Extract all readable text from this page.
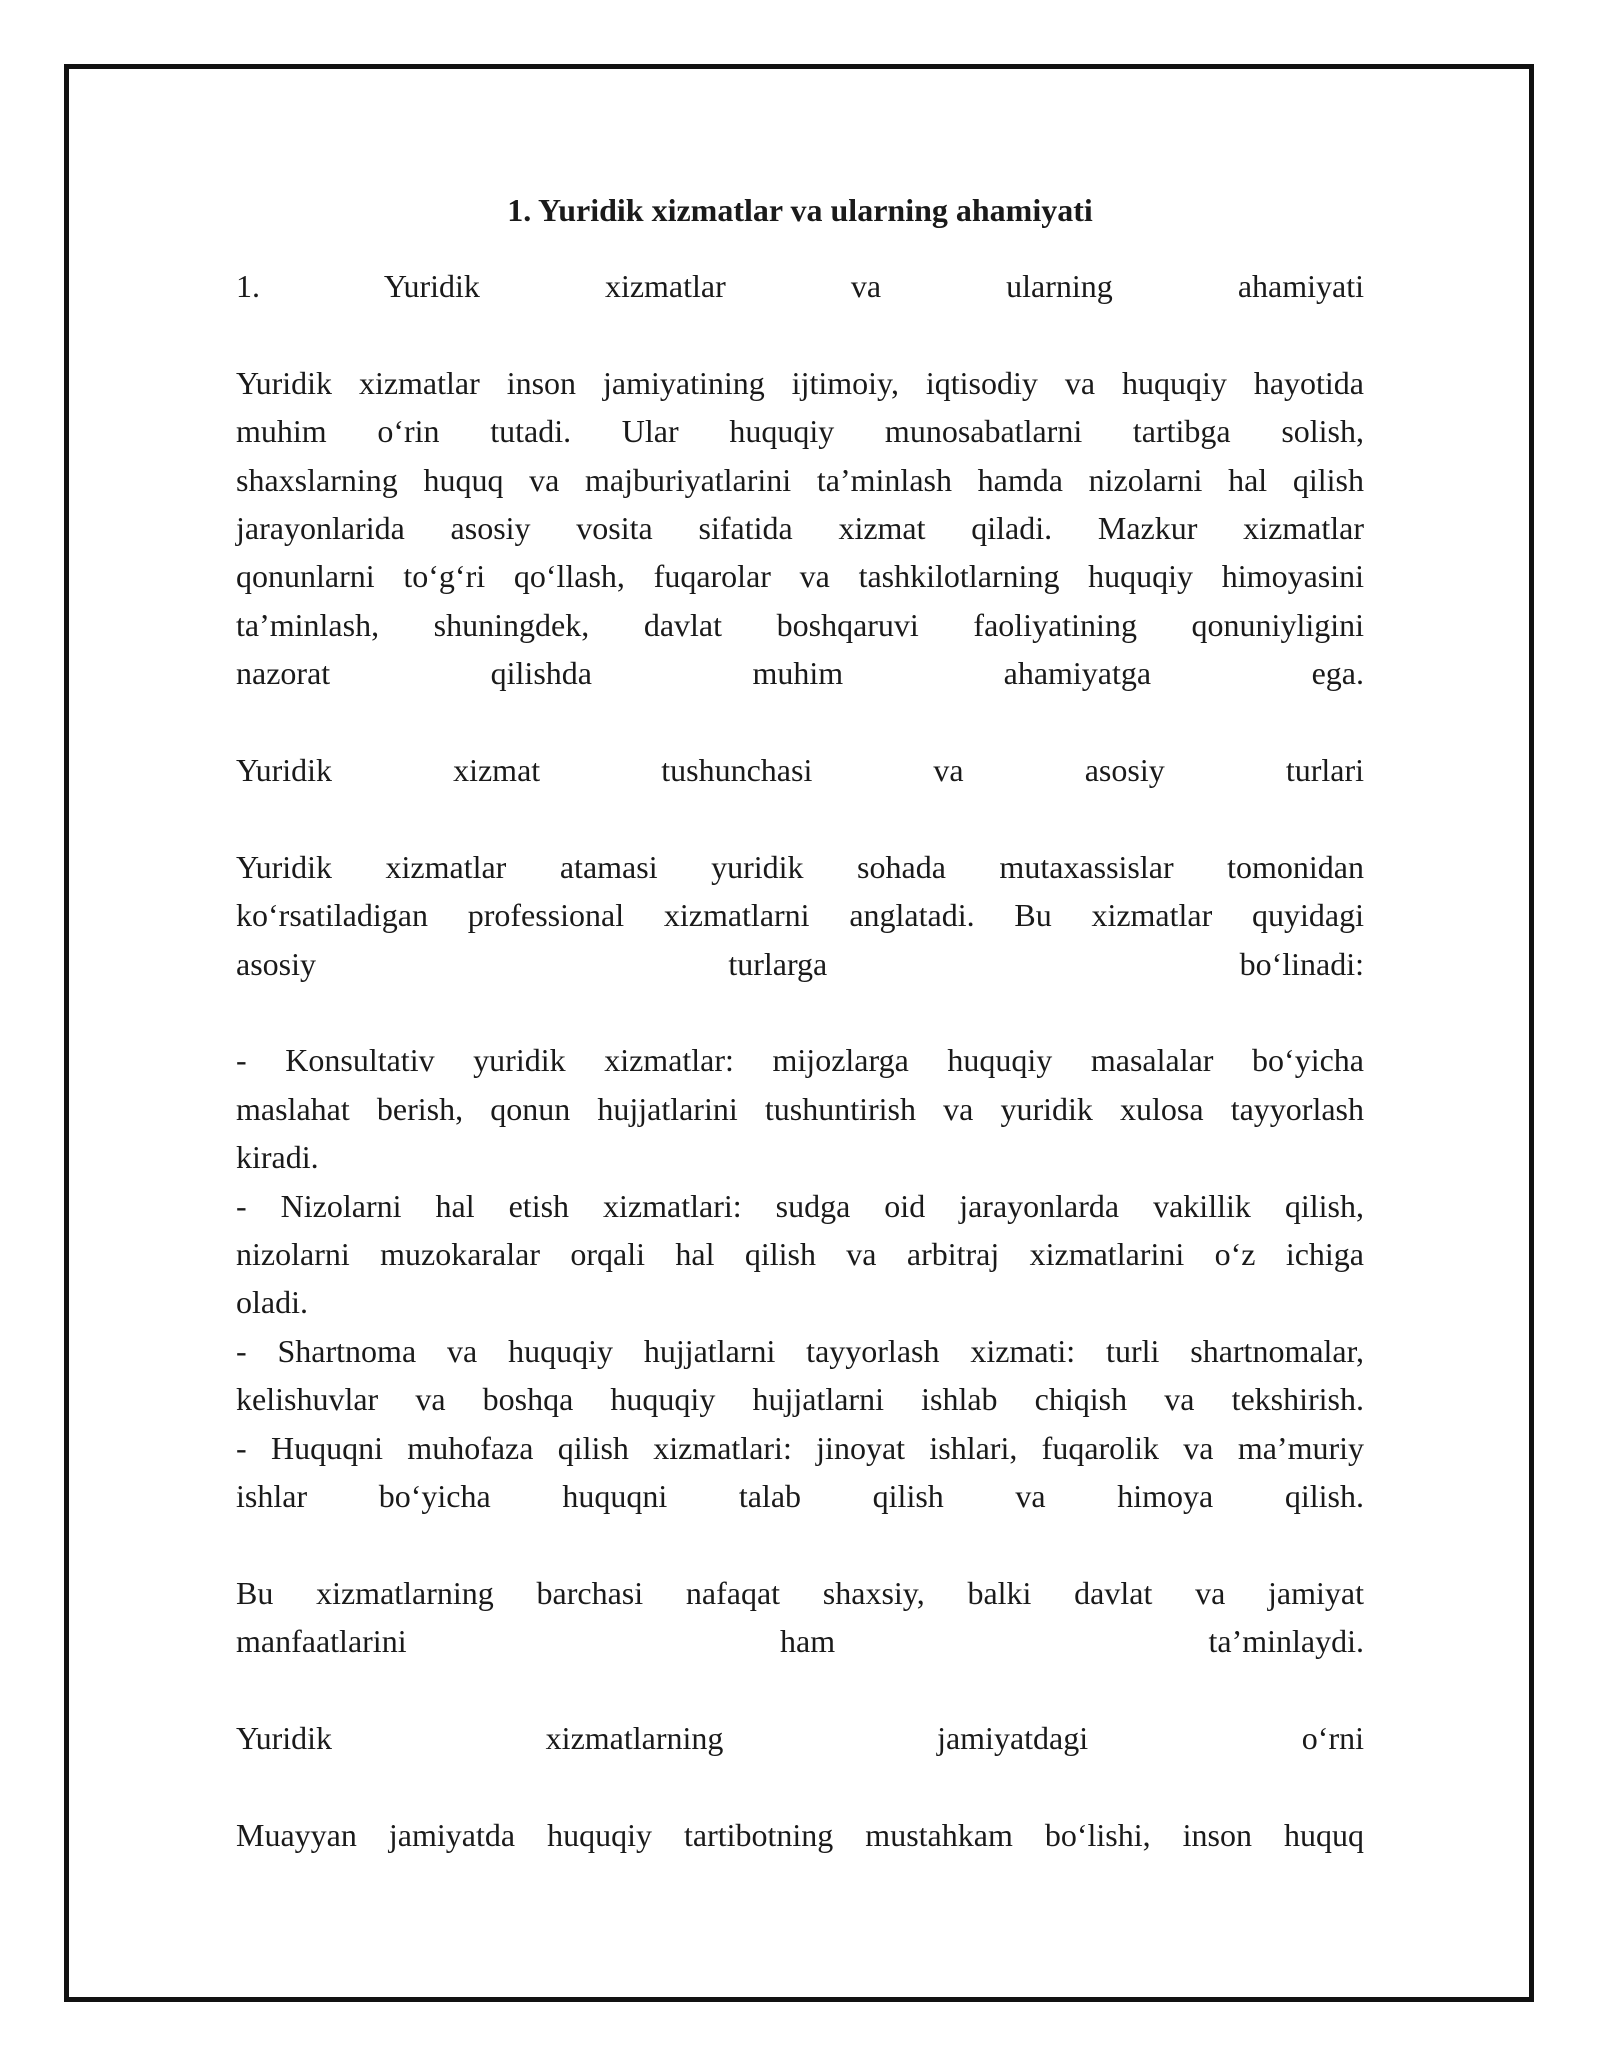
1. Yuridik xizmatlar va ularning ahamiyati
1. Yuridik xizmatlar va ularning ahamiyati
Yuridik xizmatlar inson jamiyatining ijtimoiy, iqtisodiy va huquqiy hayotida
muhim o‘rin tutadi. Ular huquqiy munosabatlarni tartibga solish,
shaxslarning huquq va majburiyatlarini ta’minlash hamda nizolarni hal qilish
jarayonlarida asosiy vosita sifatida xizmat qiladi. Mazkur xizmatlar
qonunlarni to‘g‘ri qo‘llash, fuqarolar va tashkilotlarning huquqiy himoyasini
ta’minlash, shuningdek, davlat boshqaruvi faoliyatining qonuniyligini
nazorat qilishda muhim ahamiyatga ega.
Yuridik xizmat tushunchasi va asosiy turlari
Yuridik xizmatlar atamasi yuridik sohada mutaxassislar tomonidan
ko‘rsatiladigan professional xizmatlarni anglatadi. Bu xizmatlar quyidagi
asosiy turlarga bo‘linadi:
- Konsultativ yuridik xizmatlar: mijozlarga huquqiy masalalar bo‘yicha
maslahat berish, qonun hujjatlarini tushuntirish va yuridik xulosa tayyorlash
kiradi.
- Nizolarni hal etish xizmatlari: sudga oid jarayonlarda vakillik qilish,
nizolarni muzokaralar orqali hal qilish va arbitraj xizmatlarini o‘z ichiga
oladi.
- Shartnoma va huquqiy hujjatlarni tayyorlash xizmati: turli shartnomalar,
kelishuvlar va boshqa huquqiy hujjatlarni ishlab chiqish va tekshirish.
- Huquqni muhofaza qilish xizmatlari: jinoyat ishlari, fuqarolik va ma’muriy
ishlar bo‘yicha huquqni talab qilish va himoya qilish.
Bu xizmatlarning barchasi nafaqat shaxsiy, balki davlat va jamiyat
manfaatlarini ham ta’minlaydi.
Yuridik xizmatlarning jamiyatdagi o‘rni
Muayyan jamiyatda huquqiy tartibotning mustahkam bo‘lishi, inson huquq
